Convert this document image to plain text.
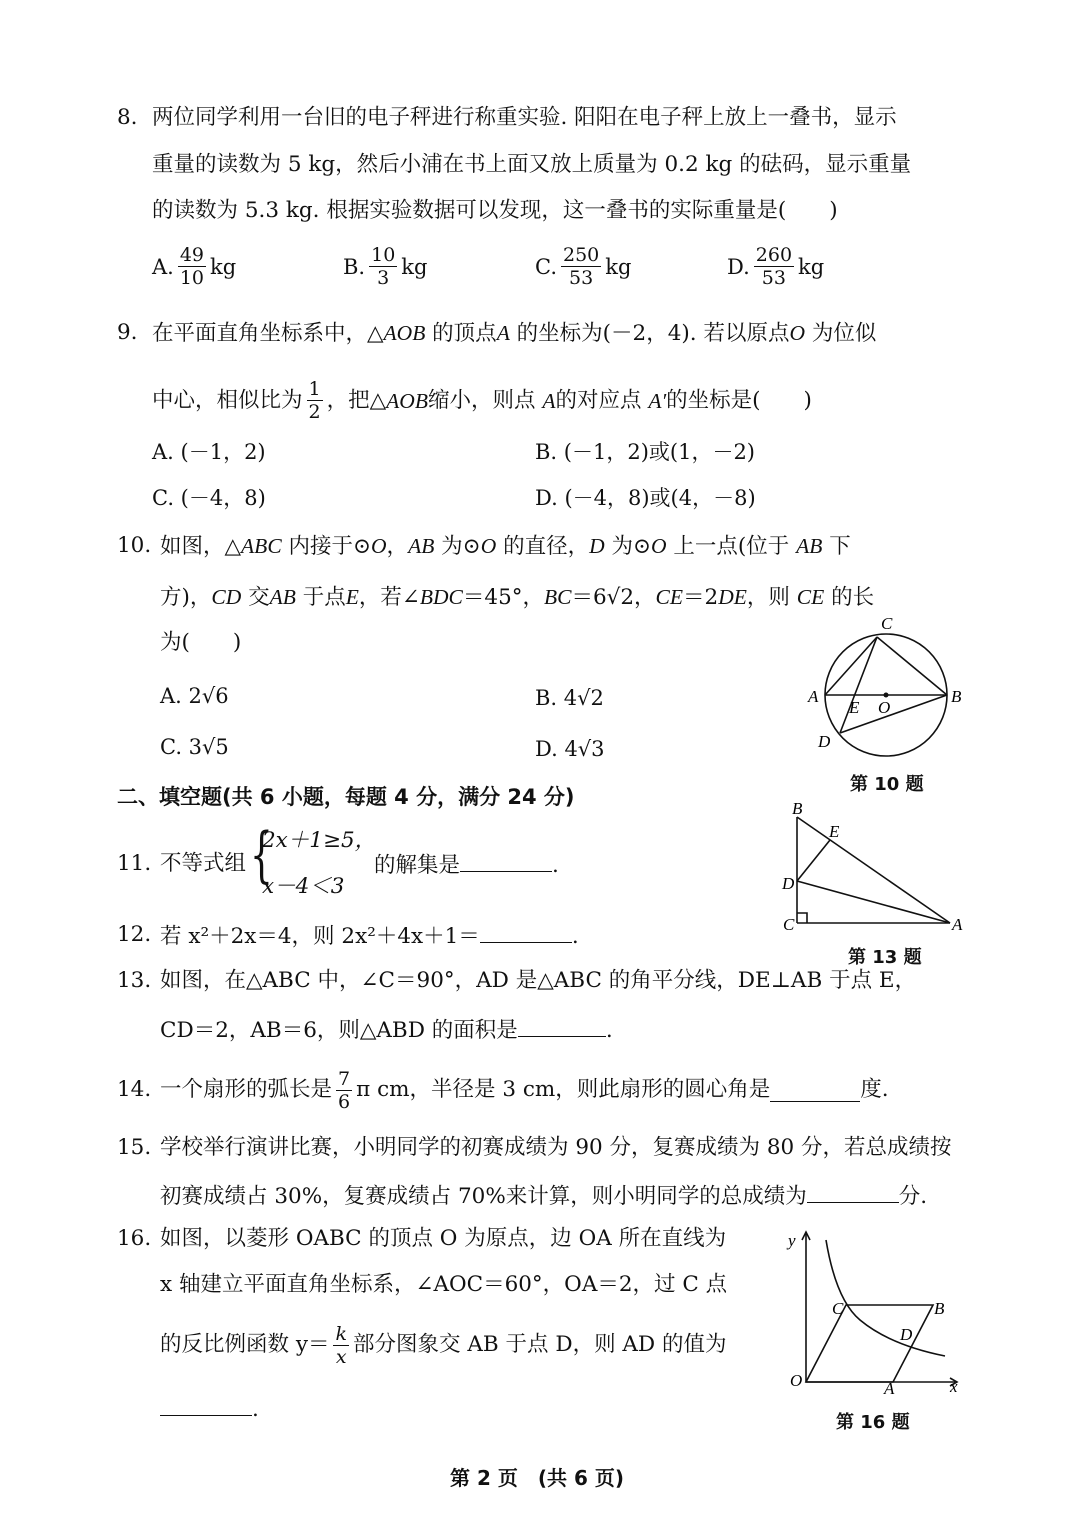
8. 两位同学利用一台旧的电子秤进行称重实验. 阳阳在电子秤上放上一叠书，显示
重量的读数为 5 kg，然后小浦在书上面又放上质量为 0.2 kg 的砝码，显示重量
的读数为 5.3 kg. 根据实验数据可以发现，这一叠书的实际重量是(　　)
A. $\frac{49}{10}$ kg	B. $\frac{10}{3}$ kg	C. $\frac{250}{53}$ kg	D. $\frac{260}{53}$ kg
9. 在平面直角坐标系中，△AOB 的顶点A 的坐标为(－2，4). 若以原点O 为位似
中心，相似比为 $\frac{1}{2}$ ，把△ AOB 缩小，则点
A 的对应点
A′ 的坐标是(　　)
A. (－1，2)	B. (－1，2)或(1，－2)
C. (－4，8)	D. (－4，8)或(4，－8)
10. 如图，△ABC 内接于⊙O，AB 为⊙O 的直径，D 为⊙O 上一点(位于 AB 下
方)，CD 交AB 于点E，若∠BDC＝45°，BC＝6√2，CE＝2DE，则 CE 的长
为(　　)
A. 2√6	B. 4√2
C. 3√5	D. 4√3
C
A	B
E O
D
第 10 题
二、填空题(共 6 小题，每题 4 分，满分 24 分)	B
E
D
C	A
第 13 题
11. 不等式组 {
2x＋1≥5，
x－4＜3
的解集是	.
12. 若 x²＋2x＝4，则 2x²＋4x＋1＝	.
13. 如图，在△ABC 中，∠C＝90°，AD 是△ABC 的角平分线，DE⊥AB 于点 E，
CD＝2，AB＝6，则△ABD 的面积是	.
14. 一个扇形的弧长是 $\frac{7}{6}$ π cm，半径是 3 cm，则此扇形的圆心角是	度.
15. 学校举行演讲比赛，小明同学的初赛成绩为 90 分，复赛成绩为 80 分，若总成绩按
初赛成绩占 30%，复赛成绩占 70%来计算，则小明同学的总成绩为	分.
16. 如图，以菱形 OABC 的顶点 O 为原点，边 OA 所在直线为
x 轴建立平面直角坐标系，∠AOC＝60°，OA＝2，过 C 点
的反比例函数 $y= \frac{k}{x}$ 部分图象交 AB 于点 D，则 AD 的值为
.
y
C	B
D
O	A	x
第 16 题
第 2 页　(共 6 页)
